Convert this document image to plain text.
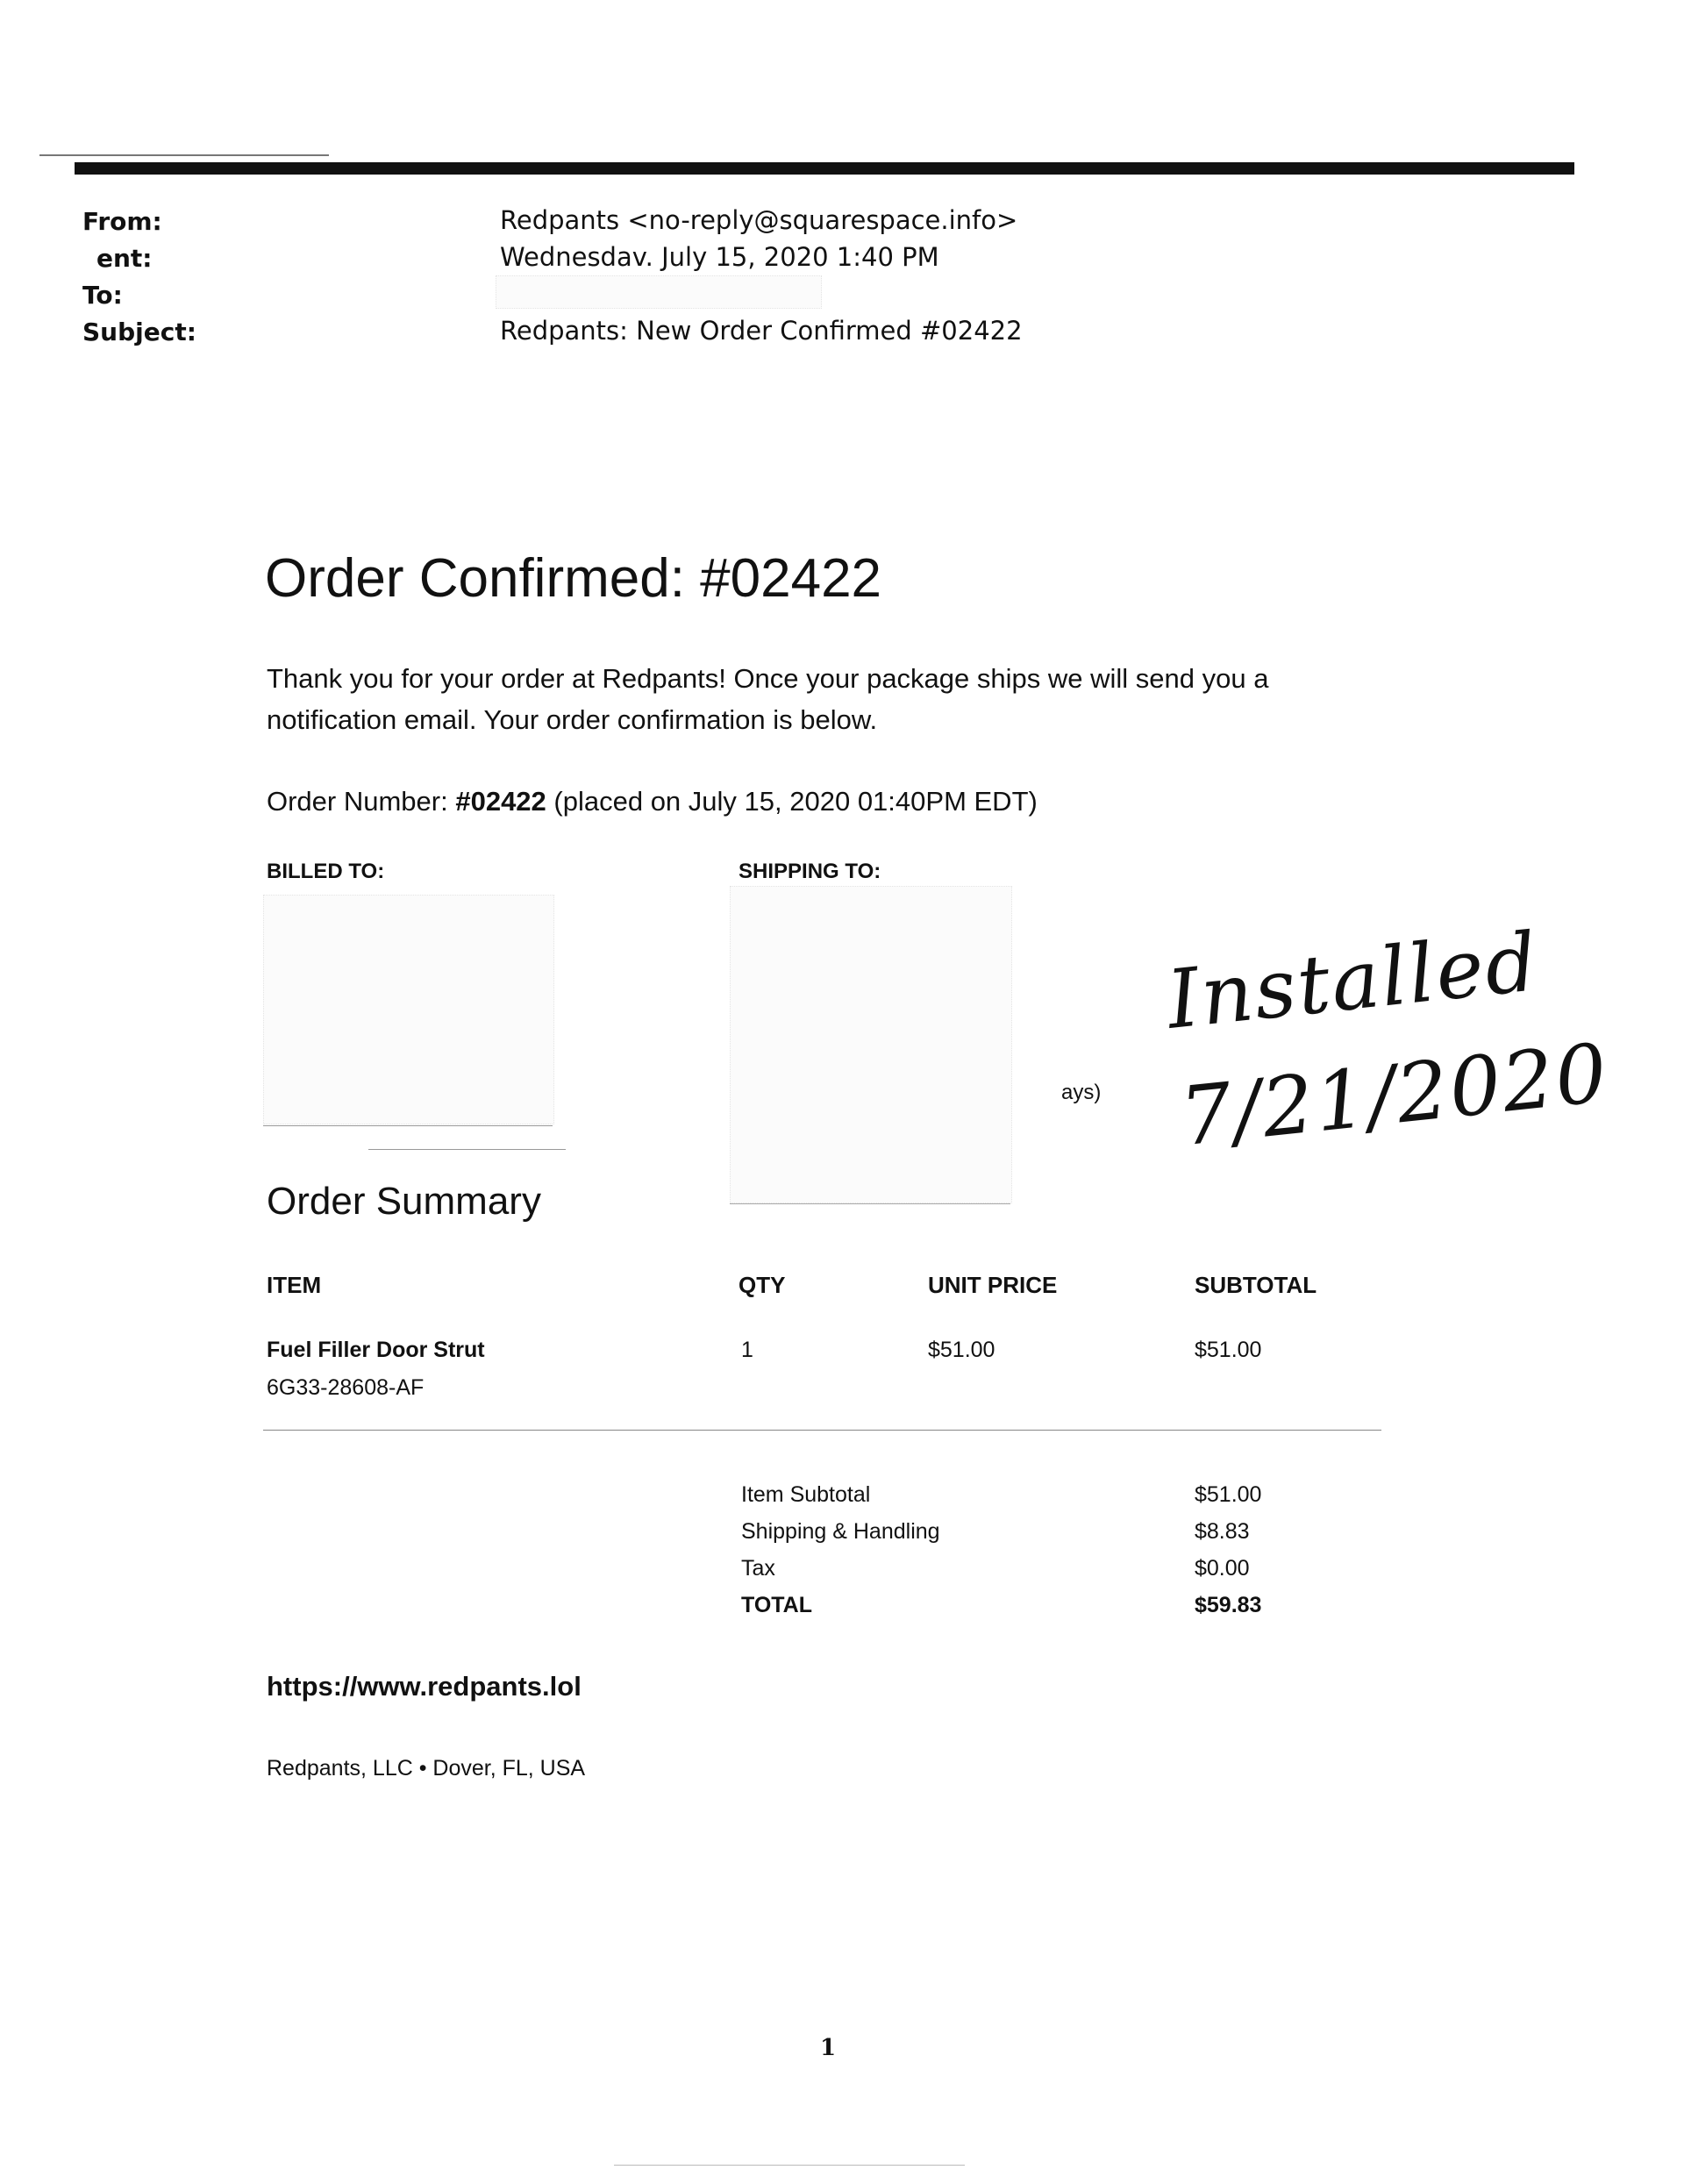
From:	Redpants <no-reply@squarespace.info>
ent:	Wednesdav. July 15, 2020 1:40 PM
To:
Subject:	Redpants: New Order Confirmed #02422
Order Confirmed: #02422
Thank you for your order at Redpants! Once your package ships we will send you a
notification email. Your order confirmation is below.
Order Number: #02422 (placed on July 15, 2020 01:40PM EDT)
BILLED TO:	SHIPPING TO:
ays)
Installed
7/21/2020
Order Summary
ITEM	QTY	UNIT PRICE	SUBTOTAL
Fuel Filler Door Strut
6G33-28608-AF
1	$51.00	$51.00
Item Subtotal	$51.00
Shipping & Handling	$8.83
Tax	$0.00
TOTAL	$59.83
https://www.redpants.lol
Redpants, LLC • Dover, FL, USA
1
